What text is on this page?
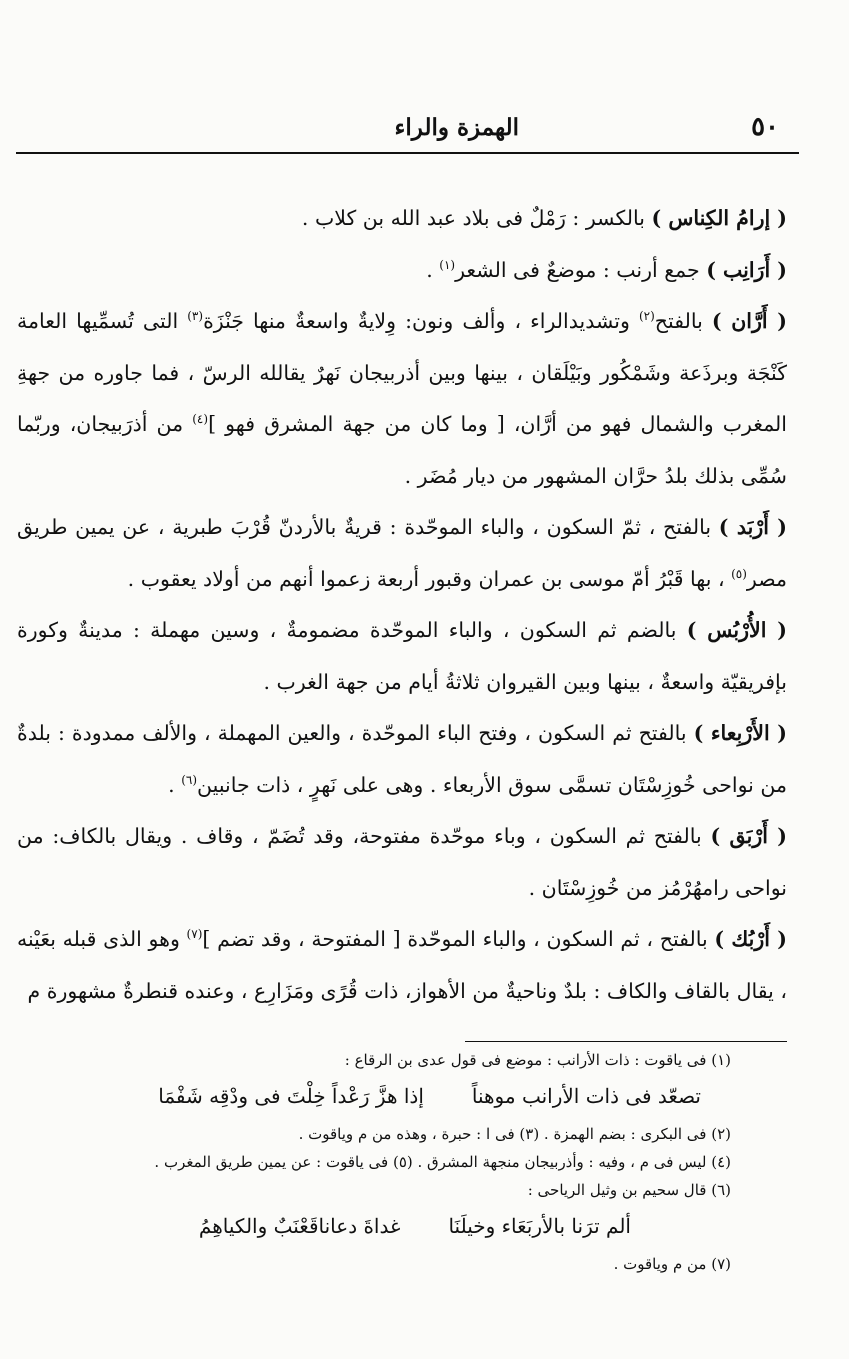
٥٠
الهمزة والراء

( إرامُ الكِناس ) بالكسر : رَمْلٌ فى بلاد عبد الله بن كلاب .

( أَرَانِب ) جمع أرنب : موضعٌ فى الشعر$^{(١)}$ .

( أَرَّان ) بالفتح$^{(٢)}$ وتشديدالراء ، وألف ونون: وِلايةٌ واسعةٌ منها جَنْزَة$^{(٣)}$ التى تُسمِّيها العامة كَنْجَة وبرذَعة وشَمْكُور وبَيْلَقان ، بينها وبين أذربيجان نَهرٌ يقالله الرسّ ، فما جاوره من جهةِ المغرب والشمال فهو من أرَّان، [ وما كان من جهة المشرق فهو ]$^{(٤)}$ من أذرَبيجان، وربّما سُمِّى بذلك بلدُ حرَّان المشهور من ديار مُضَر .

( أَرْبَد ) بالفتح ، ثمّ السكون ، والباء الموحّدة : قريةٌ بالأردنّ قُرْبَ طبرية ، عن يمين طريق مصر$^{(٥)}$ ، بها قَبْرُ أمّ موسى بن عمران وقبور أربعة زعموا أنهم من أولاد يعقوب .

( الأُرْبُس ) بالضم ثم السكون ، والباء الموحّدة مضمومةٌ ، وسين مهملة : مدينةٌ وكورة بإفريقيّة واسعةٌ ، بينها وبين القيروان ثلاثةُ أيام من جهة الغرب .

( الأَرْبِعاء ) بالفتح ثم السكون ، وفتح الباء الموحّدة ، والعين المهملة ، والألف ممدودة : بلدةٌ من نواحى خُوزِسْتَان تسمَّى سوق الأربعاء . وهى على نَهرٍ ، ذات جانبين$^{(٦)}$ .

( أَرْبَق ) بالفتح ثم السكون ، وباء موحّدة مفتوحة، وقد تُضَمّ ، وقاف . ويقال بالكاف: من نواحى رامهُرْمُز من خُوزِسْتَان .

( أَرْبُك ) بالفتح ، ثم السكون ، والباء الموحّدة [ المفتوحة ، وقد تضم ]$^{(٧)}$ وهو الذى قبله بعَيْنه ، يقال بالقاف والكاف : بلدٌ وناحيةٌ من الأهواز، ذات قُرًى ومَزَارِع ، وعنده قنطرةٌ مشهورة م

(١) فى ياقوت : ذات الأرانب : موضع فى قول عدى بن الرقاع :

تصعّد فى ذات الأرانب موهناًإذا هزَّ رَعْداً خِلْتَ فى ودْقِه شَفْمَا

(٢) فى البكرى : بضم الهمزة . (٣) فى ا : حبرة ، وهذه من م وياقوت .

(٤) ليس فى م ، وفيه : وأذربيجان منجهة المشرق . (٥) فى ياقوت : عن يمين طريق المغرب .

(٦) قال سحيم بن وثيل الرياحى :

ألم ترَنا بالأربَعَاء وخيلَنَاغداةَ دعاناقَعْنَبٌ والكياهِمُ

(٧) من م وياقوت .
